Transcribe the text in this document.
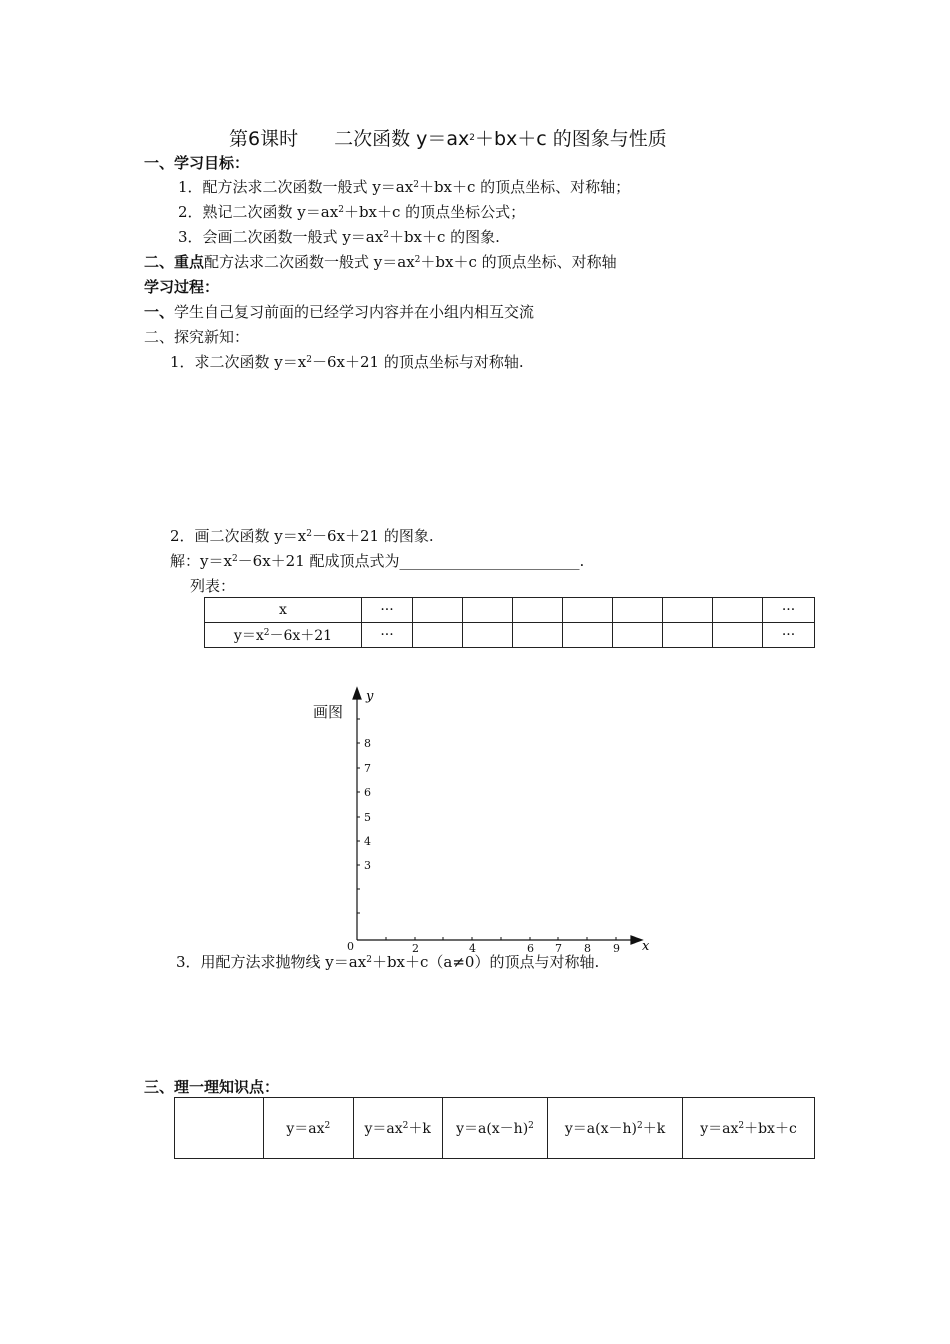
第6课时 二次函数 $y=ax^2+bx+c$ 的图象与性质
一、学习目标：
1．配方法求二次函数一般式 $y=ax^2+bx+c$ 的顶点坐标、对称轴；
2．熟记二次函数 $y=ax^2+bx+c$ 的顶点坐标公式；
3．会画二次函数一般式 $y=ax^2+bx+c$ 的图象.
二、重点配方法求二次函数一般式 $y=ax^2+bx+c$ 的顶点坐标、对称轴
学习过程：
一、学生自己复习前面的已经学习内容并在小组内相互交流
二、探究新知：
1．求二次函数 $y=x^2-6x+21$ 的顶点坐标与对称轴.
2．画二次函数 $y=x^2-6x+21$ 的图象.
解：$y=x^2-6x+21$ 配成顶点式为________________________.
列表：
x	···								···
$y=x^2-6x+21$	···								···
画图
y
x
3
4
5
6
7
8
0	2	4	6 7 8 9
3．用配方法求抛物线 $y=ax^2+bx+c(a\ne 0)$的顶点与对称轴.
三、理一理知识点：
	$y=ax^2$	$y=ax^2+k$	$y=a(x-h)^2$	$y=a(x-h)^2+k$	$y=ax^2+bx+c$
